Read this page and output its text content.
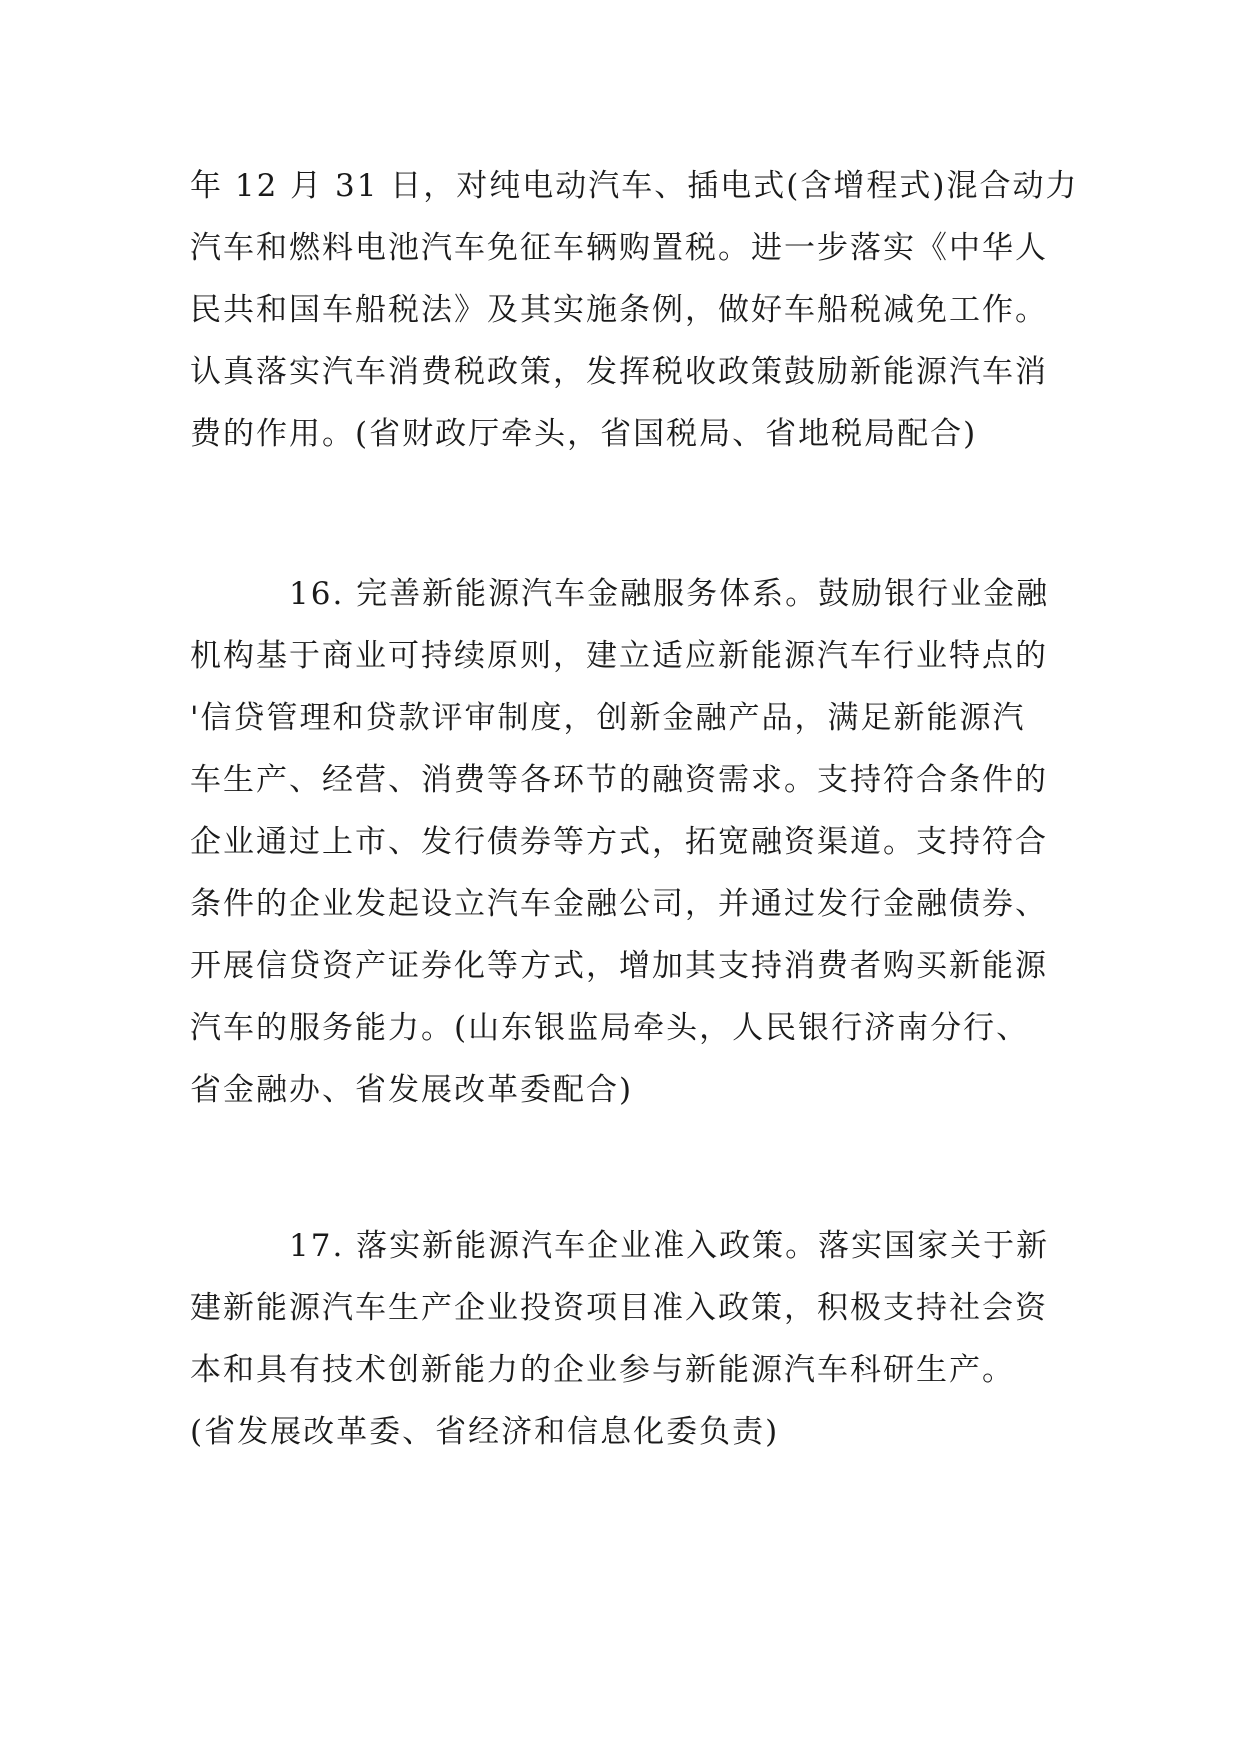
年 12 月 31 日，对纯电动汽车、插电式(含增程式)混合动力
汽车和燃料电池汽车免征车辆购置税。进一步落实《中华人
民共和国车船税法》及其实施条例，做好车船税减免工作。
认真落实汽车消费税政策，发挥税收政策鼓励新能源汽车消
费的作用。(省财政厅牵头，省国税局、省地税局配合)
　　　16. 完善新能源汽车金融服务体系。鼓励银行业金融
机构基于商业可持续原则，建立适应新能源汽车行业特点的
'信贷管理和贷款评审制度，创新金融产品，满足新能源汽
车生产、经营、消费等各环节的融资需求。支持符合条件的
企业通过上市、发行债券等方式，拓宽融资渠道。支持符合
条件的企业发起设立汽车金融公司，并通过发行金融债券、
开展信贷资产证券化等方式，增加其支持消费者购买新能源
汽车的服务能力。(山东银监局牵头，人民银行济南分行、
省金融办、省发展改革委配合)
　　　17. 落实新能源汽车企业准入政策。落实国家关于新
建新能源汽车生产企业投资项目准入政策，积极支持社会资
本和具有技术创新能力的企业参与新能源汽车科研生产。
(省发展改革委、省经济和信息化委负责)
